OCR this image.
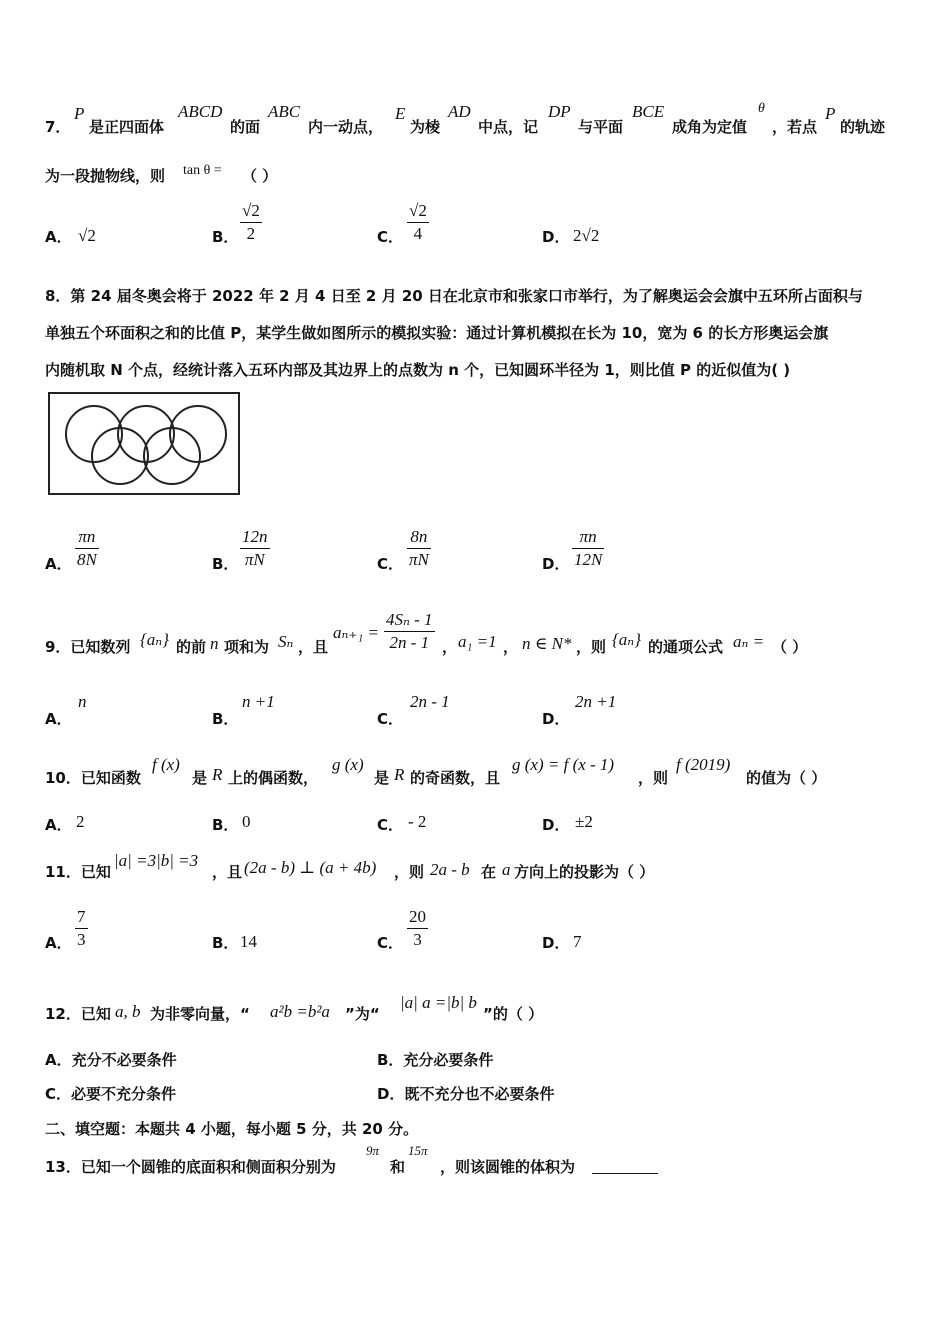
7．
P
是正四面体
ABCD
的面
ABC
内一动点，
E
为棱
AD
中点，记
DP
与平面
BCE
成角为定值
θ
，若点
P
的轨迹
为一段抛物线，则 tan θ = （ ）
A． √2	B． $\frac{√2}{2}$	C． $\frac{√2}{4}$	D． 2√2
8．第 24 届冬奥会将于 2022 年 2 月 4 日至 2 月 20 日在北京市和张家口市举行，为了解奥运会会旗中五环所占面积与
单独五个环面积之和的比值 P，某学生做如图所示的模拟实验：通过计算机模拟在长为 10，宽为 6 的长方形奥运会旗
内随机取 N 个点，经统计落入五环内部及其边界上的点数为 n 个，已知圆环半径为 1，则比值 P 的近似值为( )
A． $\frac{\pi n}{8N}$	B． $\frac{12n}{\pi N}$	C． $\frac{8n}{\pi N}$	D． $\frac{\pi n}{12N}$
9．已知数列 {aₙ} 的前 n 项和为 Sₙ ，且
$a_{n+1} = \frac{\text{4Sₙ - 1}}{2n - 1}$ ， a₁ =1 ， n ∈ N* ，则 {aₙ} 的通项公式 aₙ = （ ）
A．
n
B．
n +1
C．
2n - 1
D．
2n +1
10．已知函数
f (x)
是 R 上的偶函数，
g (x)
是 R 的奇函数，且
g (x) = f (x - 1)
，则
f (2019)
的值为（ ）
A． 2	B． 0	C． - 2	D． ±2
11．已知
|a| =3|b| =3
，且 (2a - b) ⊥ (a + 4b) ，则 2a - b 在 a 方向上的投影为（ ）
A． $\frac{7}{3}$	B． 14	C． $\frac{20}{3}$	D． 7
12．已知 a, b 为非零向量，“ a²b =b²a ”为“
|a| a =|b| b
”的（ ）
A．充分不必要条件	B．充分必要条件
C．必要不充分条件	D．既不充分也不必要条件
二、填空题：本题共 4 小题，每小题 5 分，共 20 分。
13．已知一个圆锥的底面积和侧面积分别为
9π
和
15π
，则该圆锥的体积为
